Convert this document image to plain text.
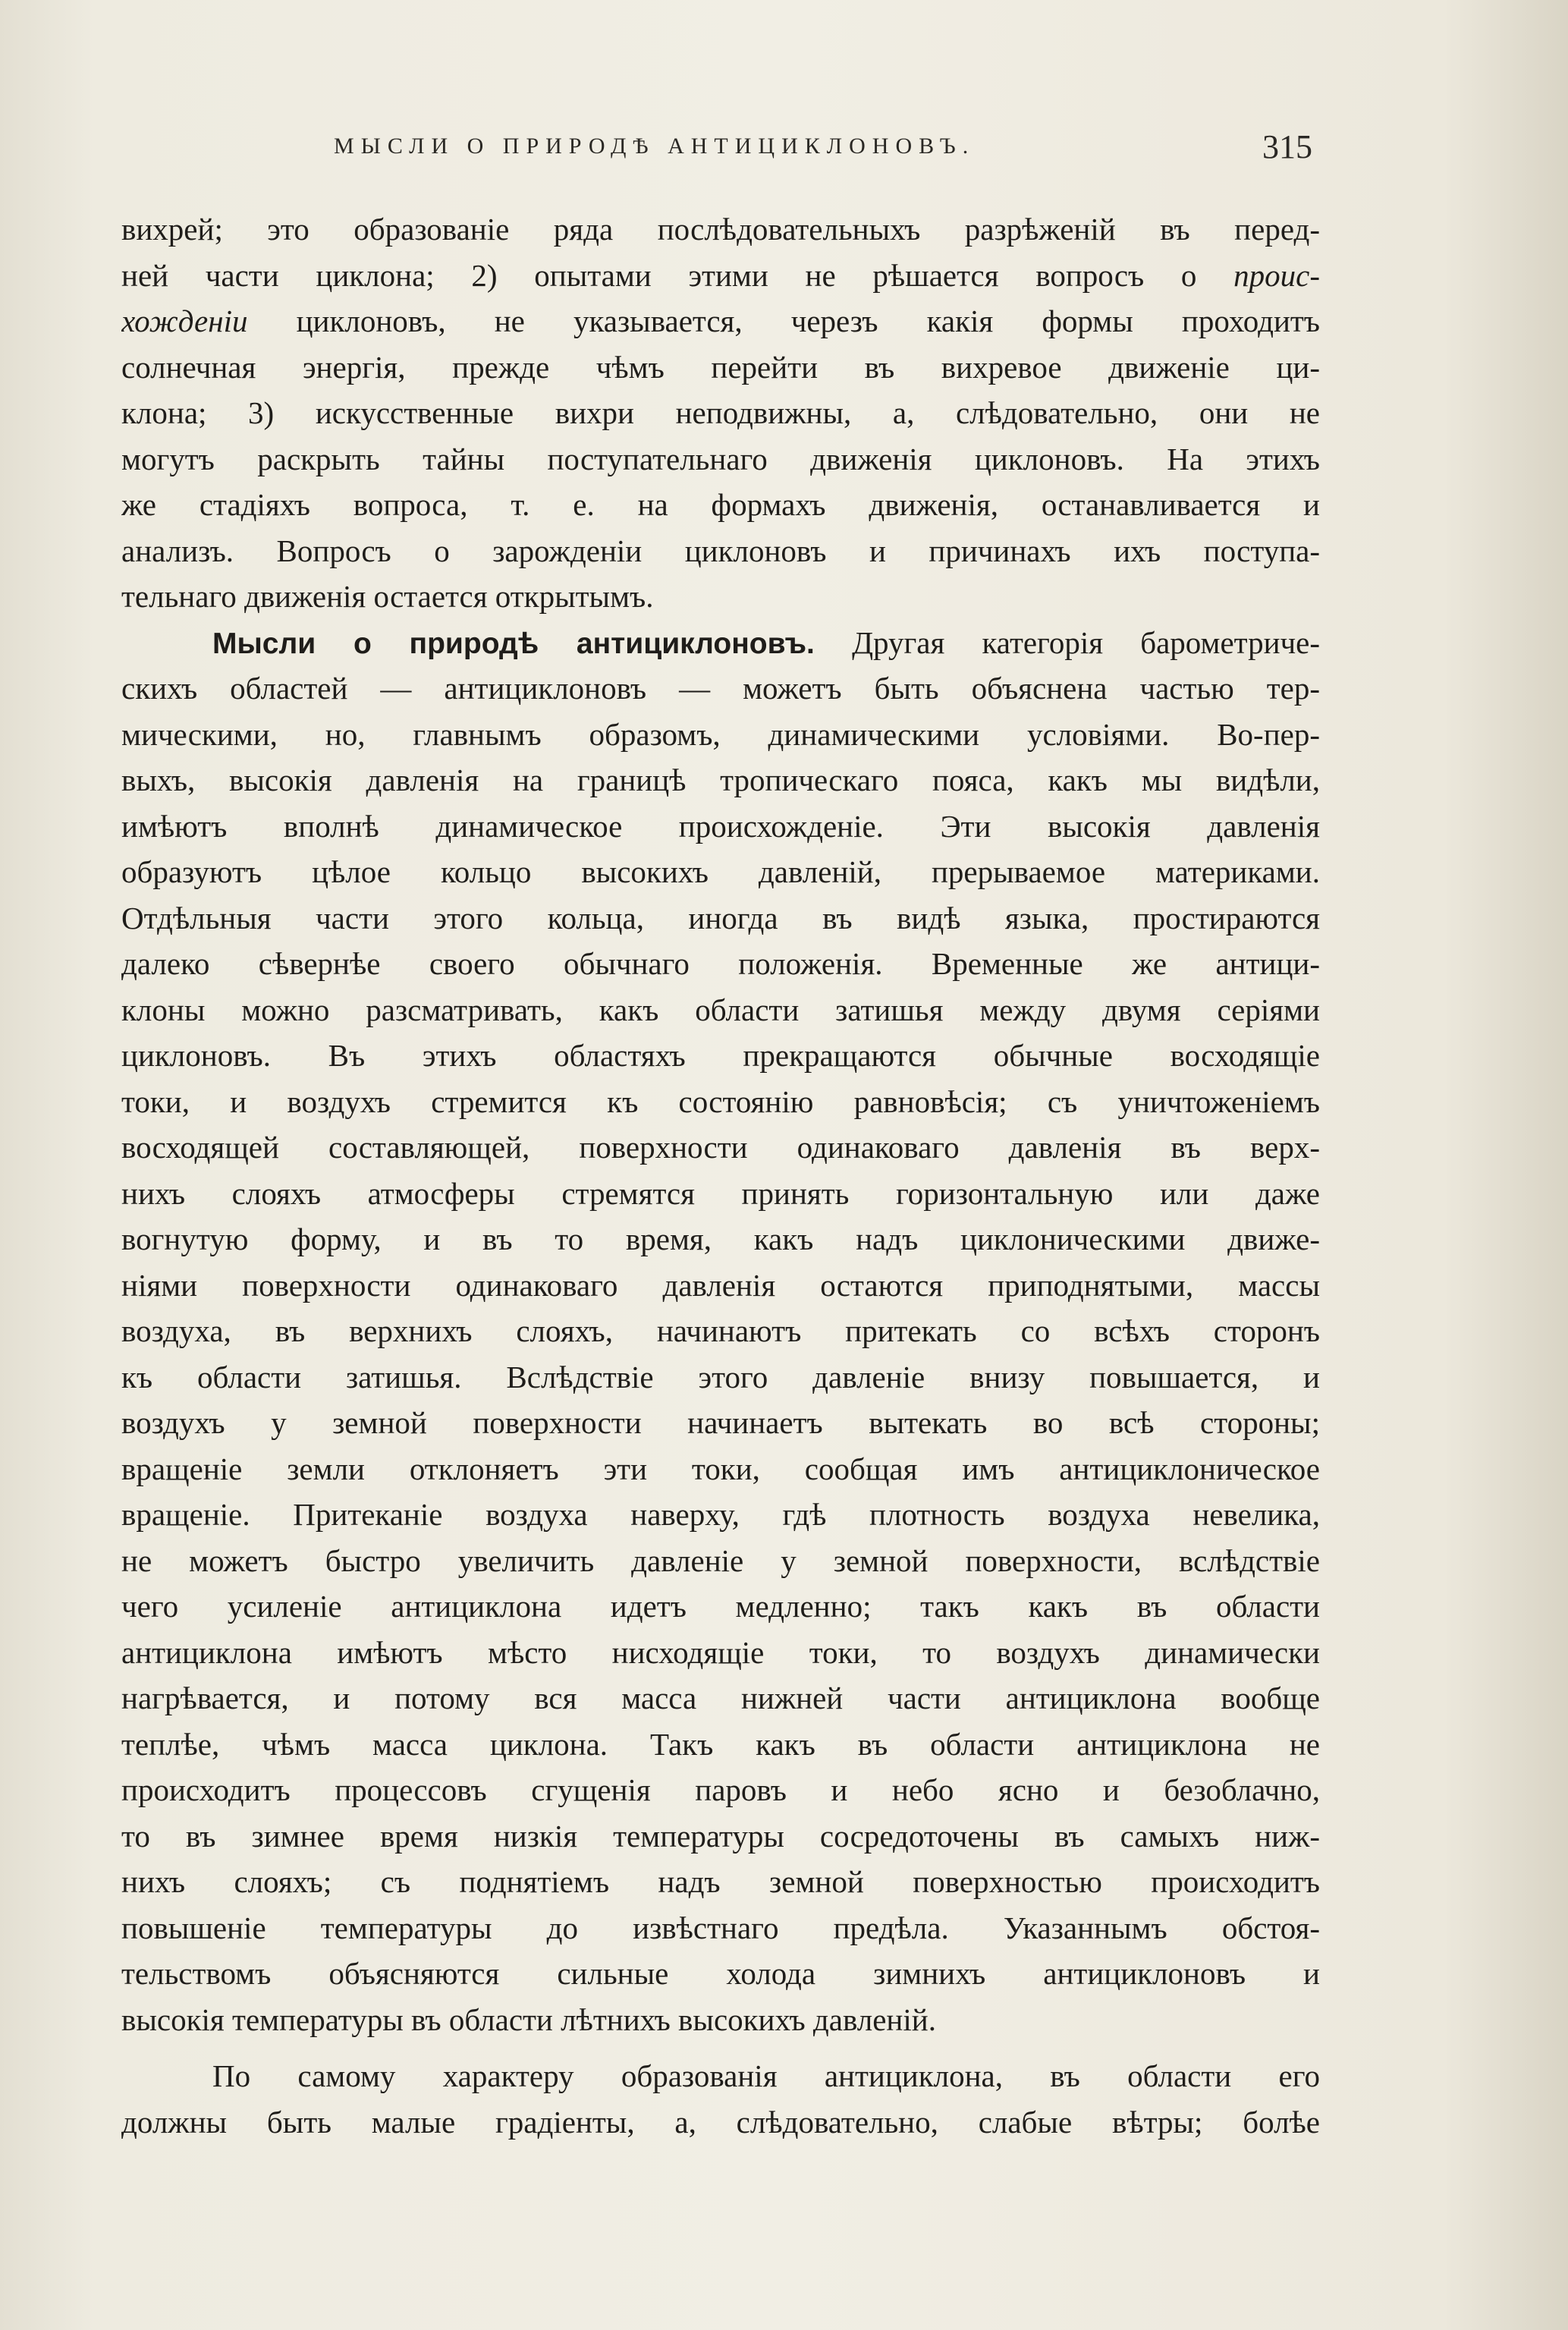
МЫСЛИ О ПРИРОДѢ АНТИЦИКЛОНОВЪ.	315
вихрей; это образованіе ряда послѣдовательныхъ разрѣженій въ перед-
ней части циклона; 2) опытами этими не рѣшается вопросъ о проис-
хожденіи циклоновъ, не указывается, черезъ какія формы проходитъ
солнечная энергія, прежде чѣмъ перейти въ вихревое движеніе ци-
клона; 3) искусственные вихри неподвижны, а, слѣдовательно, они не
могутъ раскрыть тайны поступательнаго движенія циклоновъ. На этихъ
же стадіяхъ вопроса, т. е. на формахъ движенія, останавливается и
анализъ. Вопросъ о зарожденіи циклоновъ и причинахъ ихъ поступа-
тельнаго движенія остается открытымъ.
Мысли о природѣ антициклоновъ. Другая категорія барометриче-
скихъ областей — антициклоновъ — можетъ быть объяснена частью тер-
мическими, но, главнымъ образомъ, динамическими условіями. Во-пер-
выхъ, высокія давленія на границѣ тропическаго пояса, какъ мы видѣли,
имѣютъ вполнѣ динамическое происхожденіе. Эти высокія давленія
образуютъ цѣлое кольцо высокихъ давленій, прерываемое материками.
Отдѣльныя части этого кольца, иногда въ видѣ языка, простираются
далеко сѣвернѣе своего обычнаго положенія. Временные же антици-
клоны можно разсматривать, какъ области затишья между двумя серіями
циклоновъ. Въ этихъ областяхъ прекращаются обычные восходящіе
токи, и воздухъ стремится къ состоянію равновѣсія; съ уничтоженіемъ
восходящей составляющей, поверхности одинаковаго давленія въ верх-
нихъ слояхъ атмосферы стремятся принять горизонтальную или даже
вогнутую форму, и въ то время, какъ надъ циклоническими движе-
ніями поверхности одинаковаго давленія остаются приподнятыми, массы
воздуха, въ верхнихъ слояхъ, начинаютъ притекать со всѣхъ сторонъ
къ области затишья. Вслѣдствіе этого давленіе внизу повышается, и
воздухъ у земной поверхности начинаетъ вытекать во всѣ стороны;
вращеніе земли отклоняетъ эти токи, сообщая имъ антициклоническое
вращеніе. Притеканіе воздуха наверху, гдѣ плотность воздуха невелика,
не можетъ быстро увеличить давленіе у земной поверхности, вслѣдствіе
чего усиленіе антициклона идетъ медленно; такъ какъ въ области
антициклона имѣютъ мѣсто нисходящіе токи, то воздухъ динамически
нагрѣвается, и потому вся масса нижней части антициклона вообще
теплѣе, чѣмъ масса циклона. Такъ какъ въ области антициклона не
происходитъ процессовъ сгущенія паровъ и небо ясно и безоблачно,
то въ зимнее время низкія температуры сосредоточены въ самыхъ ниж-
нихъ слояхъ; съ поднятіемъ надъ земной поверхностью происходитъ
повышеніе температуры до извѣстнаго предѣла. Указаннымъ обстоя-
тельствомъ объясняются сильные холода зимнихъ антициклоновъ и
высокія температуры въ области лѣтнихъ высокихъ давленій.
По самому характеру образованія антициклона, въ области его
должны быть малые градіенты, а, слѣдовательно, слабые вѣтры; болѣе
